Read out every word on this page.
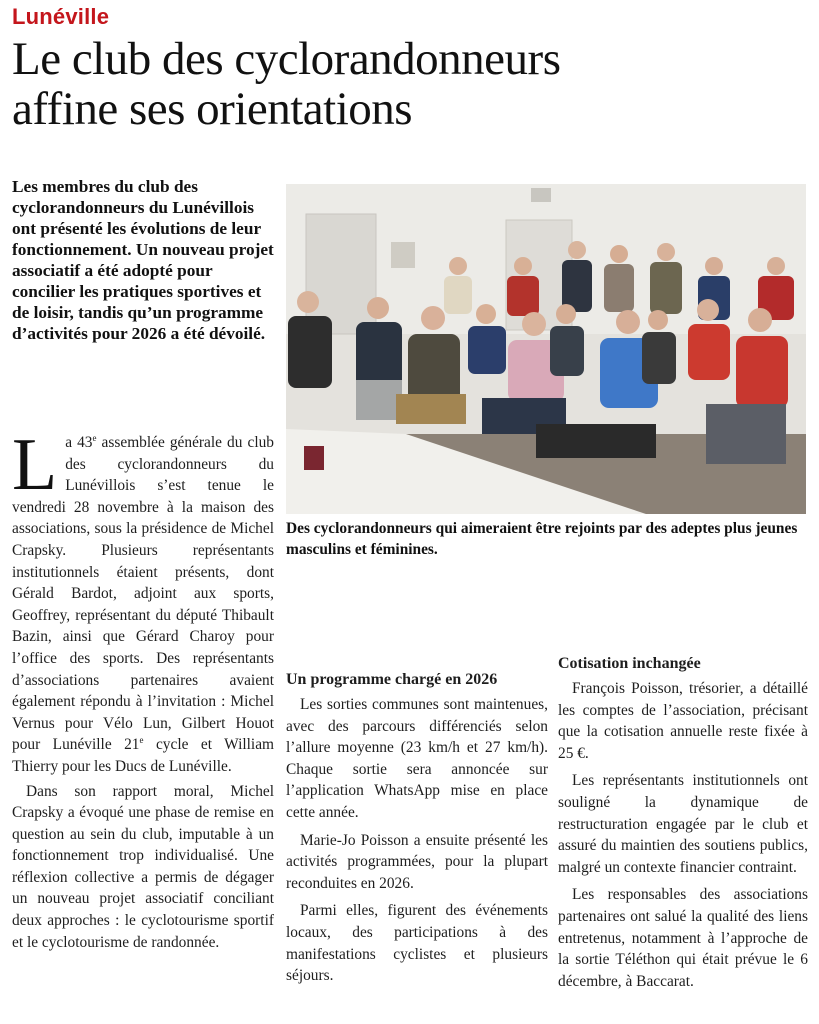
Lunéville
Le club des cyclorandonneurs
affine ses orientations
Les membres du club des cyclorandonneurs du Lunévillois ont présenté les évolutions de leur fonctionnement. Un nouveau projet associatif a été adopté pour concilier les pratiques sportives et de loisir, tandis qu’un programme d’activités pour 2026 a été dévoilé.
Des cyclorandonneurs qui aimeraient être rejoints par des adeptes plus jeunes masculins et féminines.

La 43e assemblée générale du club des cyclorandonneurs du Lunévillois s’est tenue le vendredi 28 novembre à la maison des associations, sous la présidence de Michel Crapsky. Plusieurs représentants institutionnels étaient présents, dont Gérald Bardot, adjoint aux sports, Geoffrey, représentant du député Thibault Bazin, ainsi que Gérard Charoy pour l’office des sports. Des représentants d’associations partenaires avaient également répondu à l’invitation : Michel Vernus pour Vélo Lun, Gilbert Houot pour Lunéville 21e cycle et William Thierry pour les Ducs de Lunéville.

Dans son rapport moral, Michel Crapsky a évoqué une phase de remise en question au sein du club, imputable à un fonctionnement trop individualisé. Une réflexion collective a permis de dégager un nouveau projet associatif conciliant deux approches : le cyclotourisme sportif et le cyclotourisme de randonnée.

Un programme chargé en 2026

Les sorties communes sont maintenues, avec des parcours différenciés selon l’allure moyenne (23 km/h et 27 km/h). Chaque sortie sera annoncée sur l’application WhatsApp mise en place cette année.

Marie-Jo Poisson a ensuite présenté les activités programmées, pour la plupart reconduites en 2026.

Parmi elles, figurent des événements locaux, des participations à des manifestations cyclistes et plusieurs séjours.

Cotisation inchangée

François Poisson, trésorier, a détaillé les comptes de l’association, précisant que la cotisation annuelle reste fixée à 25 €.

Les représentants institutionnels ont souligné la dynamique de restructuration engagée par le club et assuré du maintien des soutiens publics, malgré un contexte financier contraint.

Les responsables des associations partenaires ont salué la qualité des liens entretenus, notamment à l’approche de la sortie Téléthon qui était prévue le 6 décembre, à Baccarat.
